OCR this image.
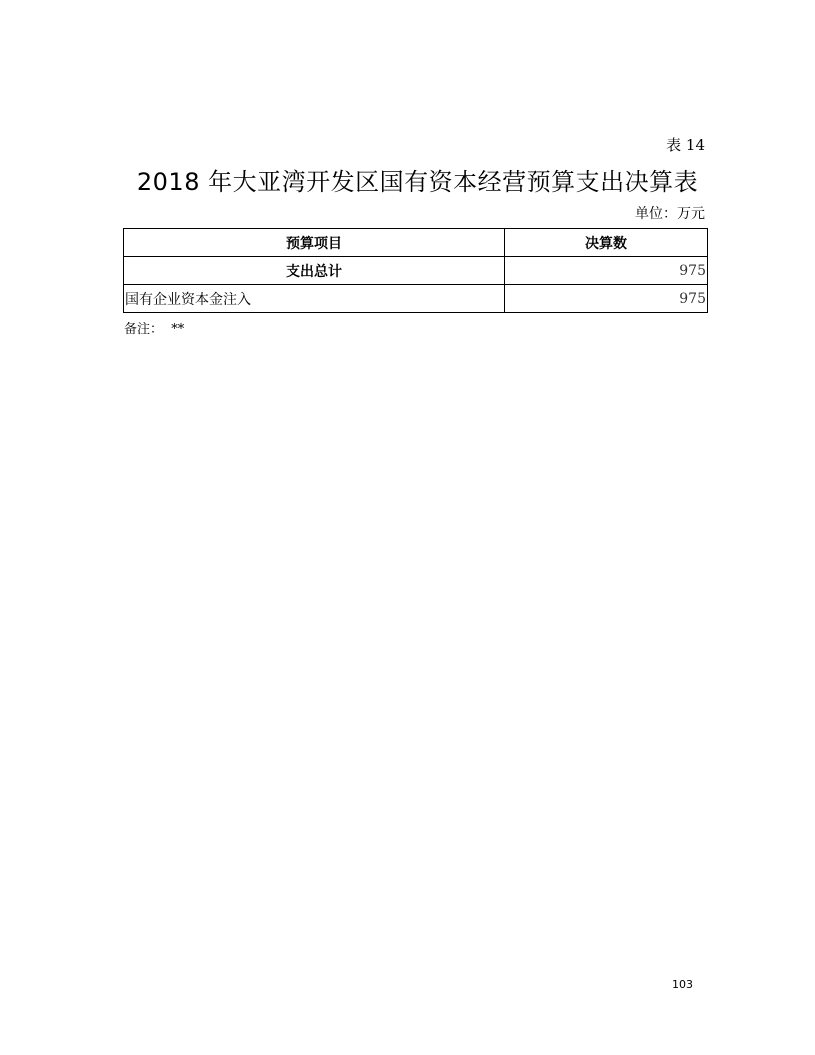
表 14
2018 年大亚湾开发区国有资本经营预算支出决算表
单位：万元
预算项目	决算数
支出总计	975
国有企业资本金注入	975
备注：  **
103
